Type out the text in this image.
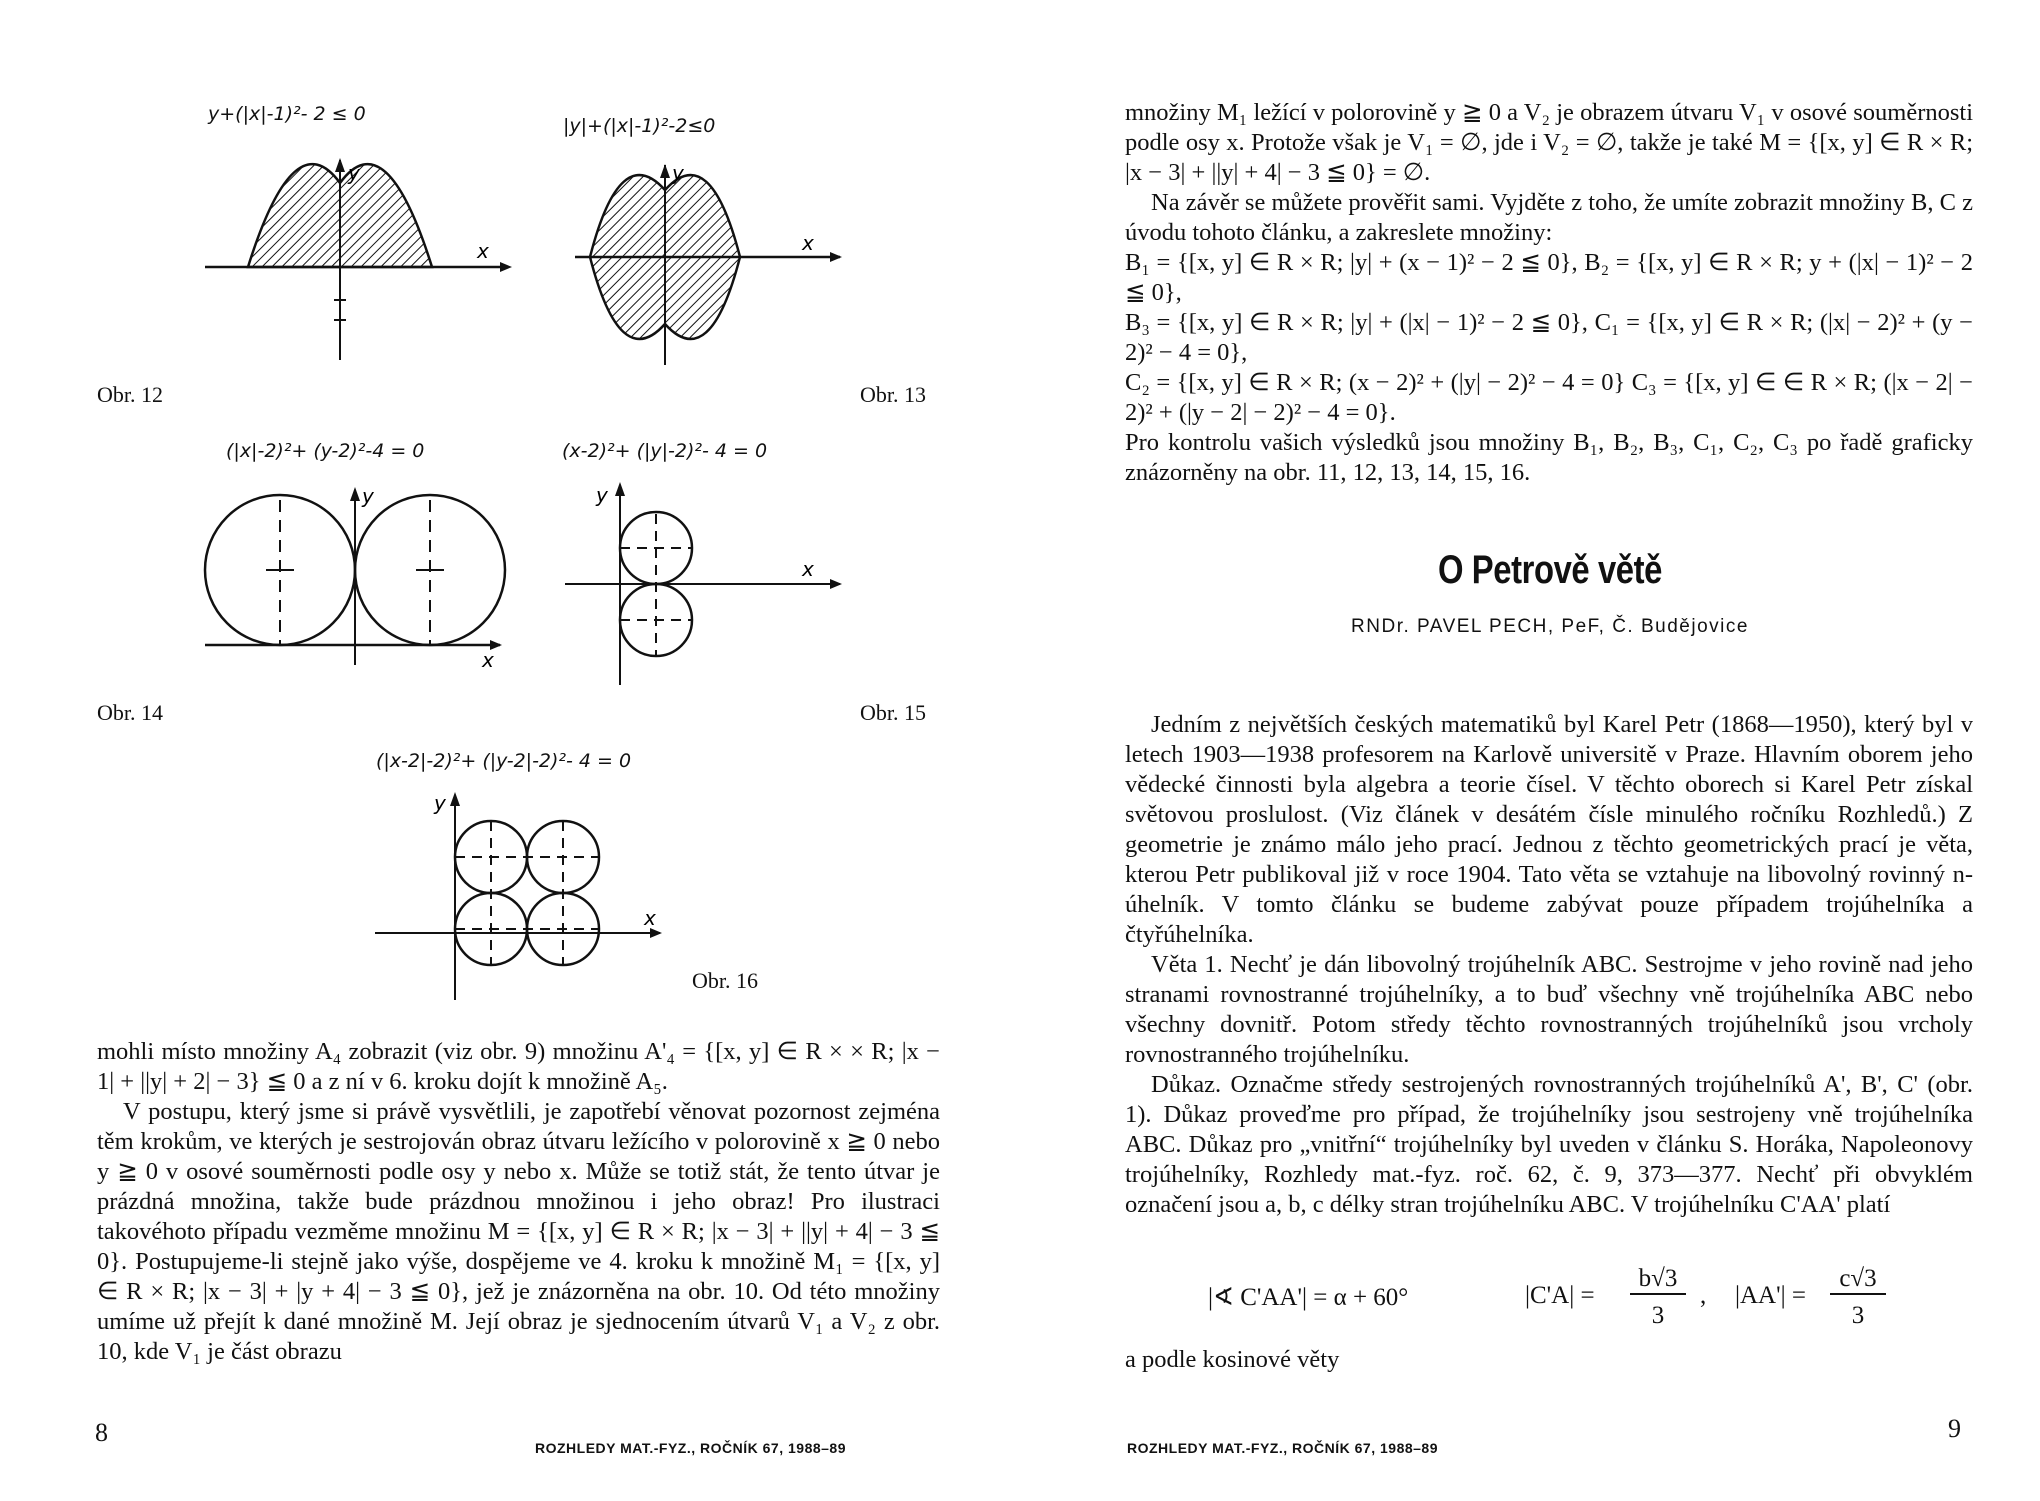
y+(|x|-1)²- 2 ≤ 0
y
x
|y|+(|x|-1)²-2≤0
y
x
Obr. 12	Obr. 13
(|x|-2)²+ (y-2)²-4 = 0
y
x
(x-2)²+ (|y|-2)²- 4 = 0
y
x
Obr. 14	Obr. 15
(|x-2|-2)²+ (|y-2|-2)²- 4 = 0
y
x
Obr. 16

mohli místo množiny A₄ zobrazit (viz obr. 9) množinu A'₄ = {[x, y] ∈ R × × R; |x − 1| + ||y| + 2| − 3} ≦ 0 a z ní v 6. kroku dojít k množině A₅.

V postupu, který jsme si právě vysvětlili, je zapotřebí věnovat pozornost zejména těm krokům, ve kterých je sestrojován obraz útvaru ležícího v polorovině x ≧ 0 nebo y ≧ 0 v osové souměrnosti podle osy y nebo x. Může se totiž stát, že tento útvar je prázdná množina, takže bude prázdnou množinou i jeho obraz! Pro ilustraci takovéhoto případu vezměme množinu M = {[x, y] ∈ R × R; |x − 3| + ||y| + 4| − 3 ≦ 0}. Postupujeme-li stejně jako výše, dospějeme ve 4. kroku k množině M₁ = {[x, y] ∈ R × R; |x − 3| + |y + 4| − 3 ≦ 0}, jež je znázorněna na obr. 10. Od této množiny umíme už přejít k dané množině M. Její obraz je sjednocením útvarů V₁ a V₂ z obr. 10, kde V₁ je část obrazu

8
ROZHLEDY MAT.-FYZ., ROČNÍK 67, 1988–89

množiny M₁ ležící v polorovině y ≧ 0 a V₂ je obrazem útvaru V₁ v osové souměrnosti podle osy x. Protože však je V₁ = ∅, jde i V₂ = ∅, takže je také M = {[x, y] ∈ R × R; |x − 3| + ||y| + 4| − 3 ≦ 0} = ∅.

Na závěr se můžete prověřit sami. Vyjděte z toho, že umíte zobrazit množiny B, C z úvodu tohoto článku, a zakreslete množiny:

B₁ = {[x, y] ∈ R × R; |y| + (x − 1)² − 2 ≦ 0}, B₂ = {[x, y] ∈ R × R; y + (|x| − 1)² − 2 ≦ 0},

B₃ = {[x, y] ∈ R × R; |y| + (|x| − 1)² − 2 ≦ 0}, C₁ = {[x, y] ∈ R × R; (|x| − 2)² + (y − 2)² − 4 = 0},

C₂ = {[x, y] ∈ R × R; (x − 2)² + (|y| − 2)² − 4 = 0} C₃ = {[x, y] ∈ ∈ R × R; (|x − 2| − 2)² + (|y − 2| − 2)² − 4 = 0}.

Pro kontrolu vašich výsledků jsou množiny B₁, B₂, B₃, C₁, C₂, C₃ po řadě graficky znázorněny na obr. 11, 12, 13, 14, 15, 16.

O Petrově větě
RNDr. PAVEL PECH, PeF, Č. Budějovice

Jedním z největších českých matematiků byl Karel Petr (1868—1950), který byl v letech 1903—1938 profesorem na Karlově universitě v Praze. Hlavním oborem jeho vědecké činnosti byla algebra a teorie čísel. V těchto oborech si Karel Petr získal světovou proslulost. (Viz článek v desátém čísle minulého ročníku Rozhledů.) Z geometrie je známo málo jeho prací. Jednou z těchto geometrických prací je věta, kterou Petr publikoval již v roce 1904. Tato věta se vztahuje na libovolný rovinný n-úhelník. V tomto článku se budeme zabývat pouze případem trojúhelníka a čtyřúhelníka.

Věta 1. Nechť je dán libovolný trojúhelník ABC. Sestrojme v jeho rovině nad jeho stranami rovnostranné trojúhelníky, a to buď všechny vně trojúhelníka ABC nebo všechny dovnitř. Potom středy těchto rovnostranných trojúhelníků jsou vrcholy rovnostranného trojúhelníku.

Důkaz. Označme středy sestrojených rovnostranných trojúhelníků A', B', C' (obr. 1). Důkaz proveďme pro případ, že trojúhelníky jsou sestrojeny vně trojúhelníka ABC. Důkaz pro „vnitřní“ trojúhelníky byl uveden v článku S. Horáka, Napoleonovy trojúhelníky, Rozhledy mat.-fyz. roč. 62, č. 9, 373—377. Nechť při obvyklém označení jsou a, b, c délky stran trojúhelníku ABC. V trojúhelníku C'AA' platí

|∢ C'AA'| = α + 60°	|C'A| =
b√3
3
, |AA'| =
c√3
3
a podle kosinové věty
ROZHLEDY MAT.-FYZ., ROČNÍK 67, 1988–89
9
